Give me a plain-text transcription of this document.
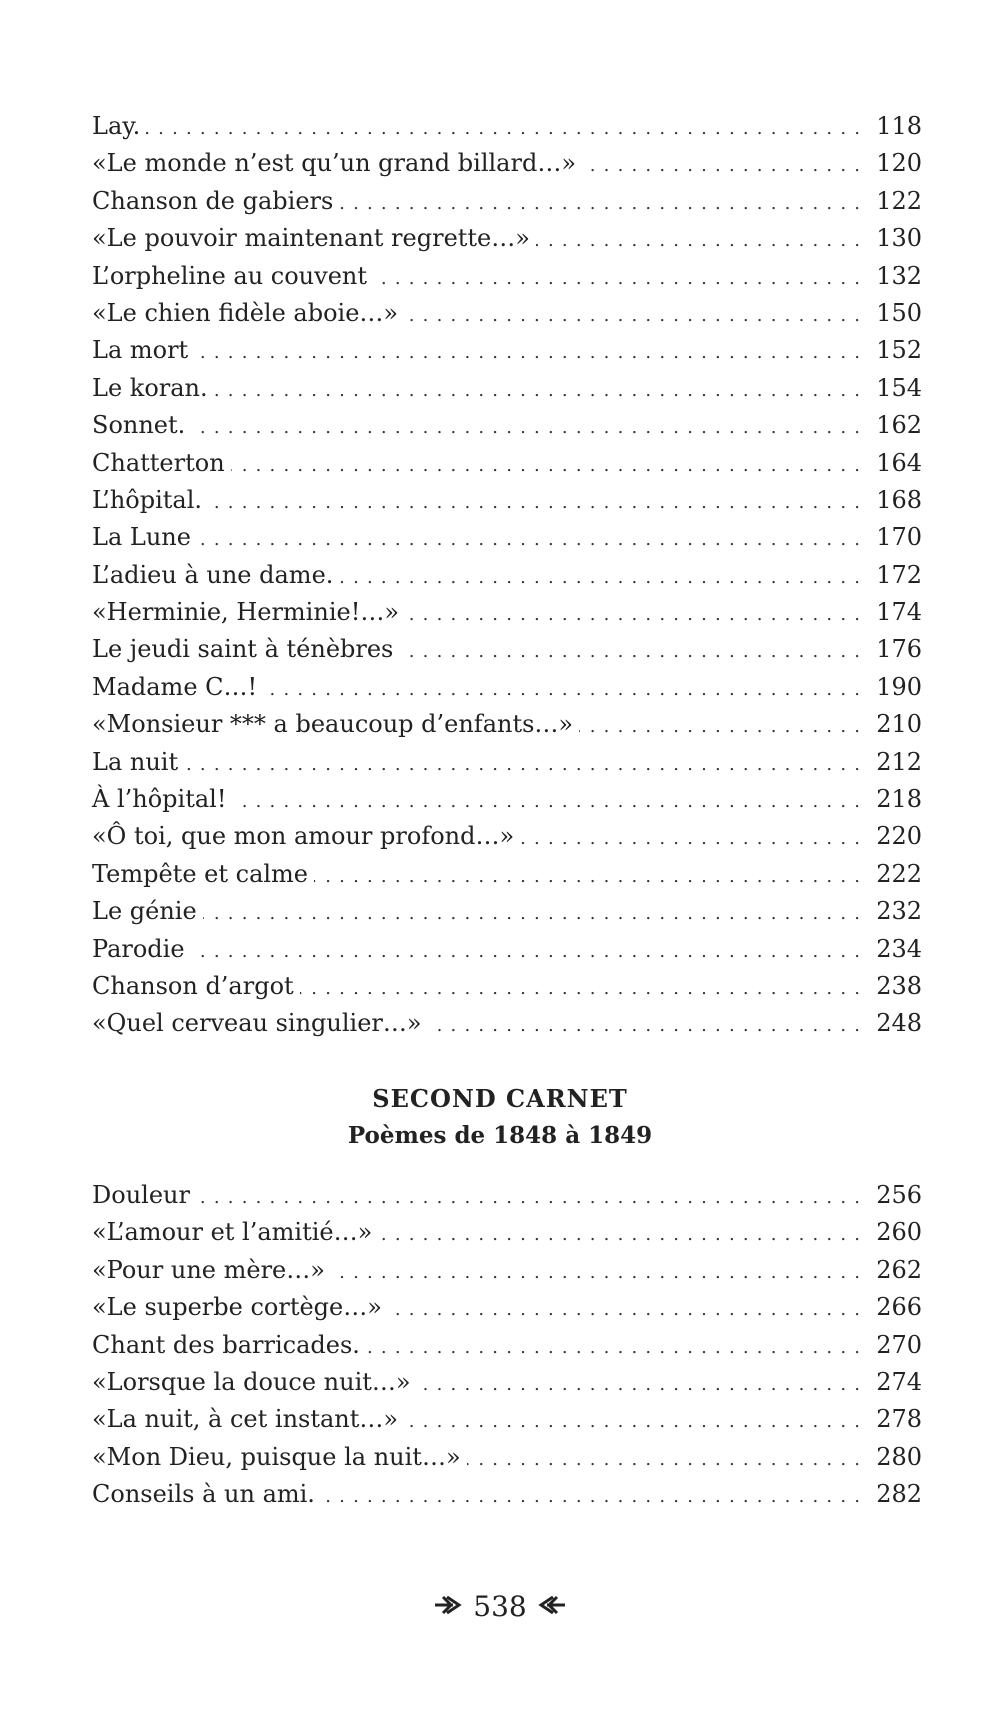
Lay. .....	118
«Le monde n’est qu’un grand billard…» .....	120
Chanson de gabiers .....	122
«Le pouvoir maintenant regrette…» .....	130
L’orpheline au couvent .....	132
«Le chien fidèle aboie…» .....	150
La mort .....	152
Le koran. .....	154
Sonnet. .....	162
Chatterton .....	164
L’hôpital. .....	168
La Lune .....	170
L’adieu à une dame. .....	172
«Herminie, Herminie!…» .....	174
Le jeudi saint à ténèbres .....	176
Madame C…! .....	190
«Monsieur *** a beaucoup d’enfants…» .....	210
La nuit .....	212
À l’hôpital! .....	218
«Ô toi, que mon amour profond…» .....	220
Tempête et calme .....	222
Le génie .....	232
Parodie .....	234
Chanson d’argot .....	238
«Quel cerveau singulier…» .....	248
SECOND CARNET
Poèmes de 1848 à 1849
Douleur .....	256
«L’amour et l’amitié…» .....	260
«Pour une mère…» .....	262
«Le superbe cortège…» .....	266
Chant des barricades. .....	270
«Lorsque la douce nuit…» .....	274
«La nuit, à cet instant…» .....	278
«Mon Dieu, puisque la nuit…» .....	280
Conseils à un ami. .....	282
538
